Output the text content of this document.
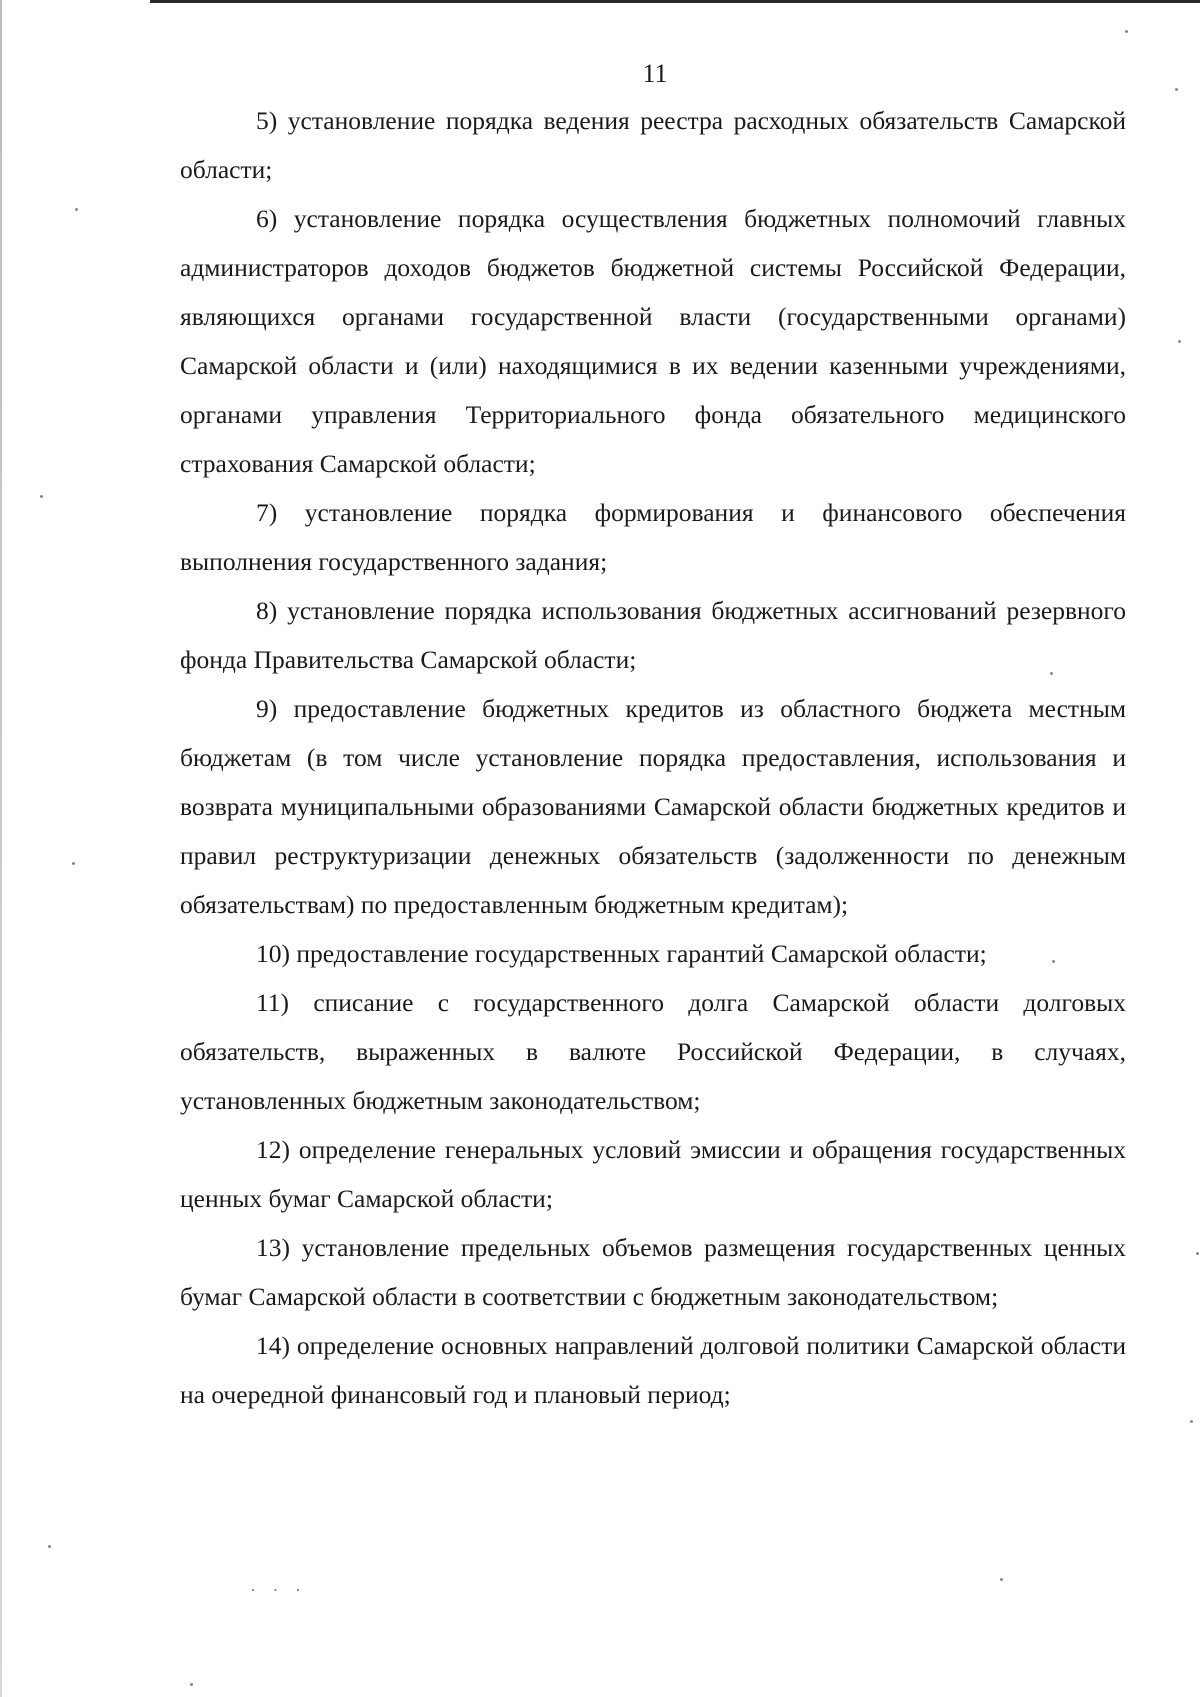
11

5) установление порядка ведения реестра расходных обязательств Самарской области;

6) установление порядка осуществления бюджетных полномочий главных администраторов доходов бюджетов бюджетной системы Российской Федерации, являющихся органами государственной власти (государственными органами) Самарской области и (или) находящимися в их ведении казенными учреждениями, органами управления Территориального фонда обязательного медицинского страхования Самарской области;

7) установление порядка формирования и финансового обеспечения выполнения государственного задания;

8) установление порядка использования бюджетных ассигнований резервного фонда Правительства Самарской области;

9) предоставление бюджетных кредитов из областного бюджета местным бюджетам (в том числе установление порядка предоставления, использования и возврата муниципальными образованиями Самарской области бюджетных кредитов и правил реструктуризации денежных обязательств (задолженности по денежным обязательствам) по предоставленным бюджетным кредитам);

10) предоставление государственных гарантий Самарской области;

11) списание с государственного долга Самарской области долговых обязательств, выраженных в валюте Российской Федерации, в случаях, установленных бюджетным законодательством;

12) определение генеральных условий эмиссии и обращения государственных ценных бумаг Самарской области;

13) установление предельных объемов размещения государственных ценных бумаг Самарской области в соответствии с бюджетным законодательством;

14) определение основных направлений долговой политики Самарской области на очередной финансовый год и плановый период;

· · ·
